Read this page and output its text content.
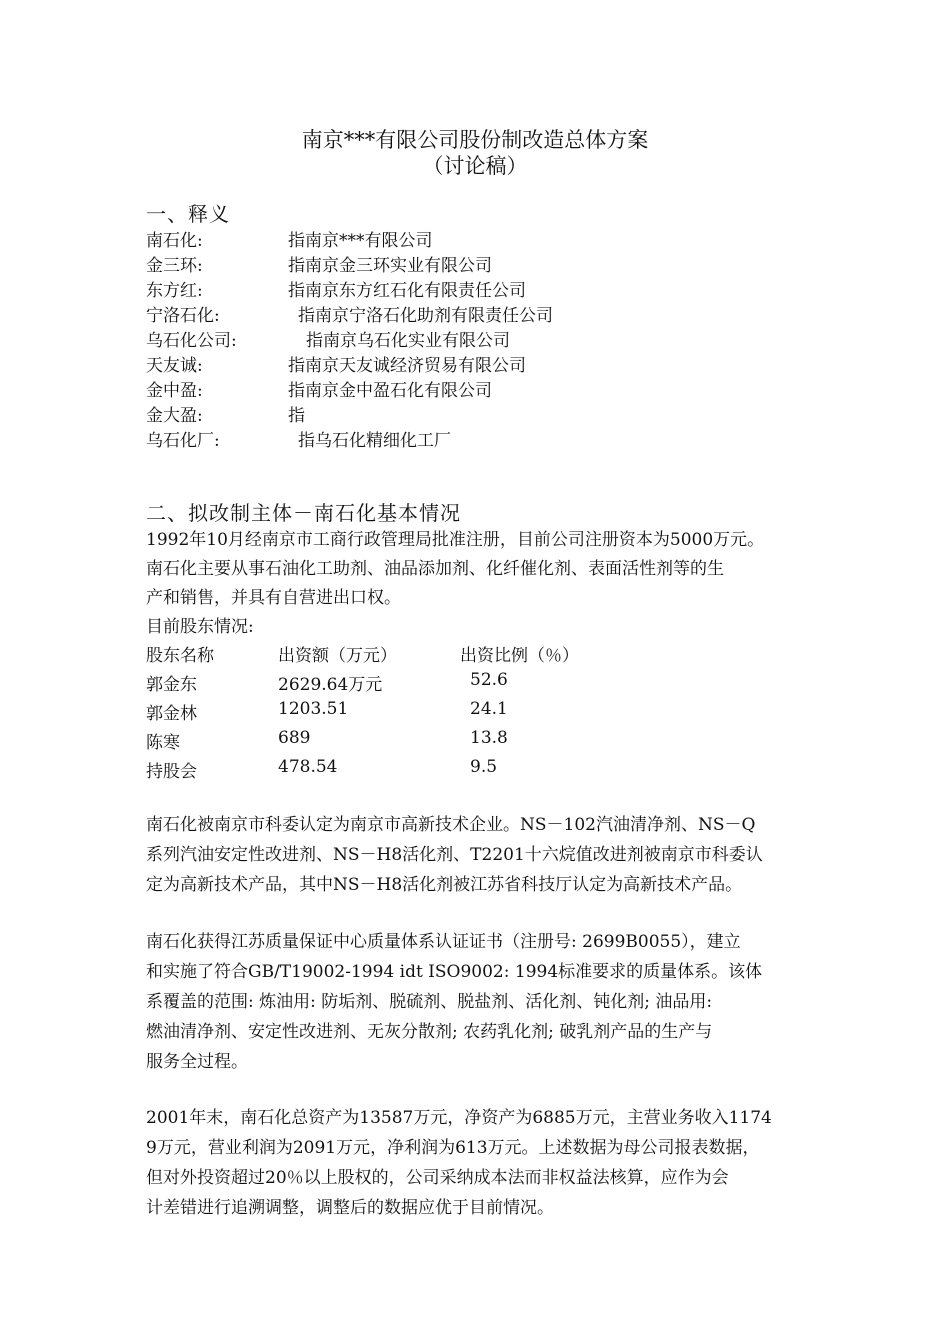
南京***有限公司股份制改造总体方案
（讨论稿）
一、释义
南石化:	指南京***有限公司
金三环:	指南京金三环实业有限公司
东方红:	指南京东方红石化有限责任公司
宁洛石化:	指南京宁洛石化助剂有限责任公司
乌石化公司:	指南京乌石化实业有限公司
天友诚:	指南京天友诚经济贸易有限公司
金中盈:	指南京金中盈石化有限公司
金大盈:	指
乌石化厂:	指乌石化精细化工厂
二、拟改制主体－南石化基本情况
1992年10月经南京市工商行政管理局批准注册，目前公司注册资本为5000万元。
南石化主要从事石油化工助剂、油品添加剂、化纤催化剂、表面活性剂等的生
产和销售，并具有自营进出口权。
目前股东情况:
股东名称	出资额（万元）	出资比例（％）
郭金东	2629.64万元	52.6
郭金林	1203.51	24.1
陈寒	689	13.8
持股会	478.54	9.5
南石化被南京市科委认定为南京市高新技术企业。NS－102汽油清净剂、NS－Q
系列汽油安定性改进剂、NS－H8活化剂、T2201十六烷值改进剂被南京市科委认
定为高新技术产品，其中NS－H8活化剂被江苏省科技厅认定为高新技术产品。
南石化获得江苏质量保证中心质量体系认证证书（注册号: 2699B0055），建立
和实施了符合GB/T19002-1994 idt ISO9002: 1994标准要求的质量体系。该体
系覆盖的范围: 炼油用: 防垢剂、脱硫剂、脱盐剂、活化剂、钝化剂; 油品用:
燃油清净剂、安定性改进剂、无灰分散剂; 农药乳化剂; 破乳剂产品的生产与
服务全过程。
2001年末，南石化总资产为13587万元，净资产为6885万元，主营业务收入1174
9万元，营业利润为2091万元，净利润为613万元。上述数据为母公司报表数据，
但对外投资超过20％以上股权的，公司采纳成本法而非权益法核算，应作为会
计差错进行追溯调整，调整后的数据应优于目前情况。
